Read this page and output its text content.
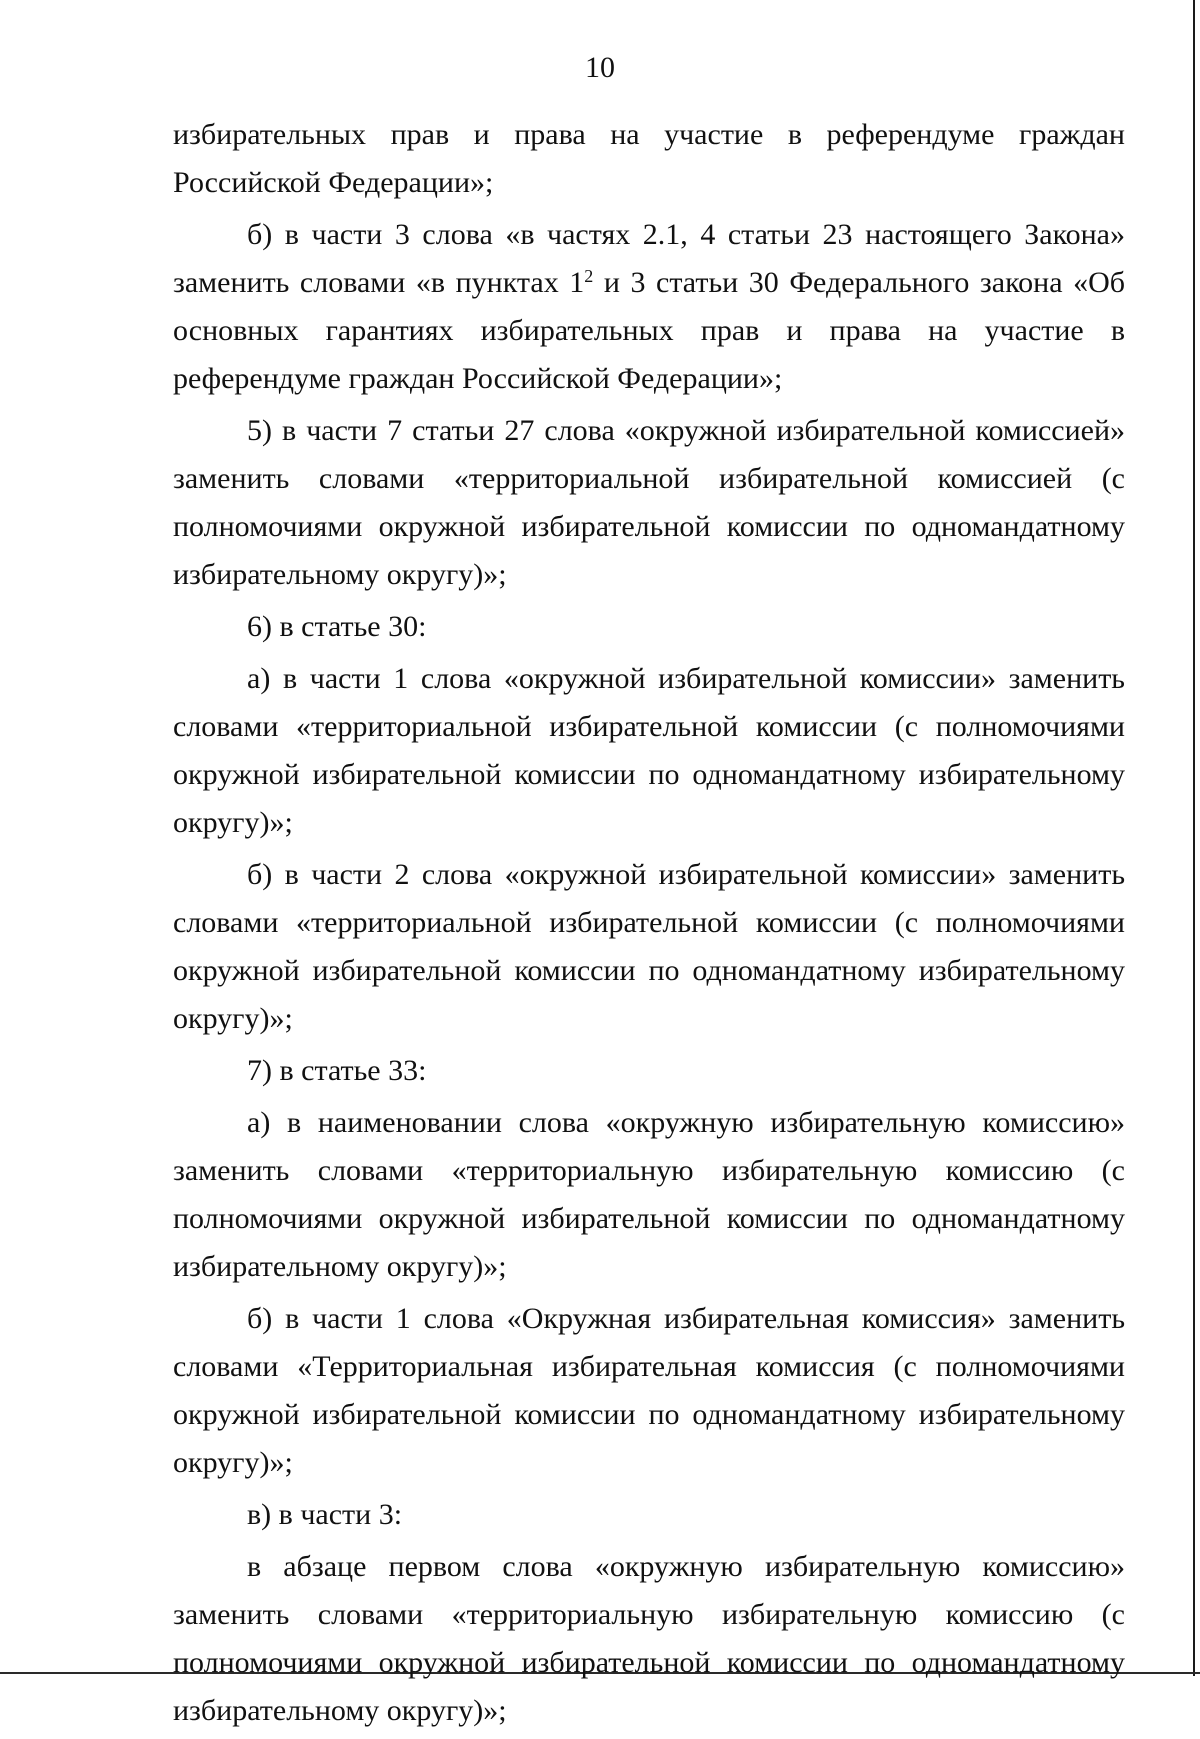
10

избирательных прав и права на участие в референдуме граждан Российской Федерации»;

б) в части 3 слова «в частях 2.1, 4 статьи 23 настоящего Закона» заменить словами «в пунктах $1^2$ и 3 статьи 30 Федерального закона «Об основных гарантиях избирательных прав и права на участие в референдуме граждан Российской Федерации»;

5) в части 7 статьи 27 слова «окружной избирательной комиссией» заменить словами «территориальной избирательной комиссией (с полномочиями окружной избирательной комиссии по одномандатному избирательному округу)»;

6) в статье 30:

а) в части 1 слова «окружной избирательной комиссии» заменить словами «территориальной избирательной комиссии (с полномочиями окружной избирательной комиссии по одномандатному избирательному округу)»;

б) в части 2 слова «окружной избирательной комиссии» заменить словами «территориальной избирательной комиссии (с полномочиями окружной избирательной комиссии по одномандатному избирательному округу)»;

7) в статье 33:

а) в наименовании слова «окружную избирательную комиссию» заменить словами «территориальную избирательную комиссию (с полномочиями окружной избирательной комиссии по одномандатному избирательному округу)»;

б) в части 1 слова «Окружная избирательная комиссия» заменить словами «Территориальная избирательная комиссия (с полномочиями окружной избирательной комиссии по одномандатному избирательному округу)»;

в) в части 3:

в абзаце первом слова «окружную избирательную комиссию» заменить словами «территориальную избирательную комиссию (с полномочиями окружной избирательной комиссии по одномандатному избирательному округу)»;
